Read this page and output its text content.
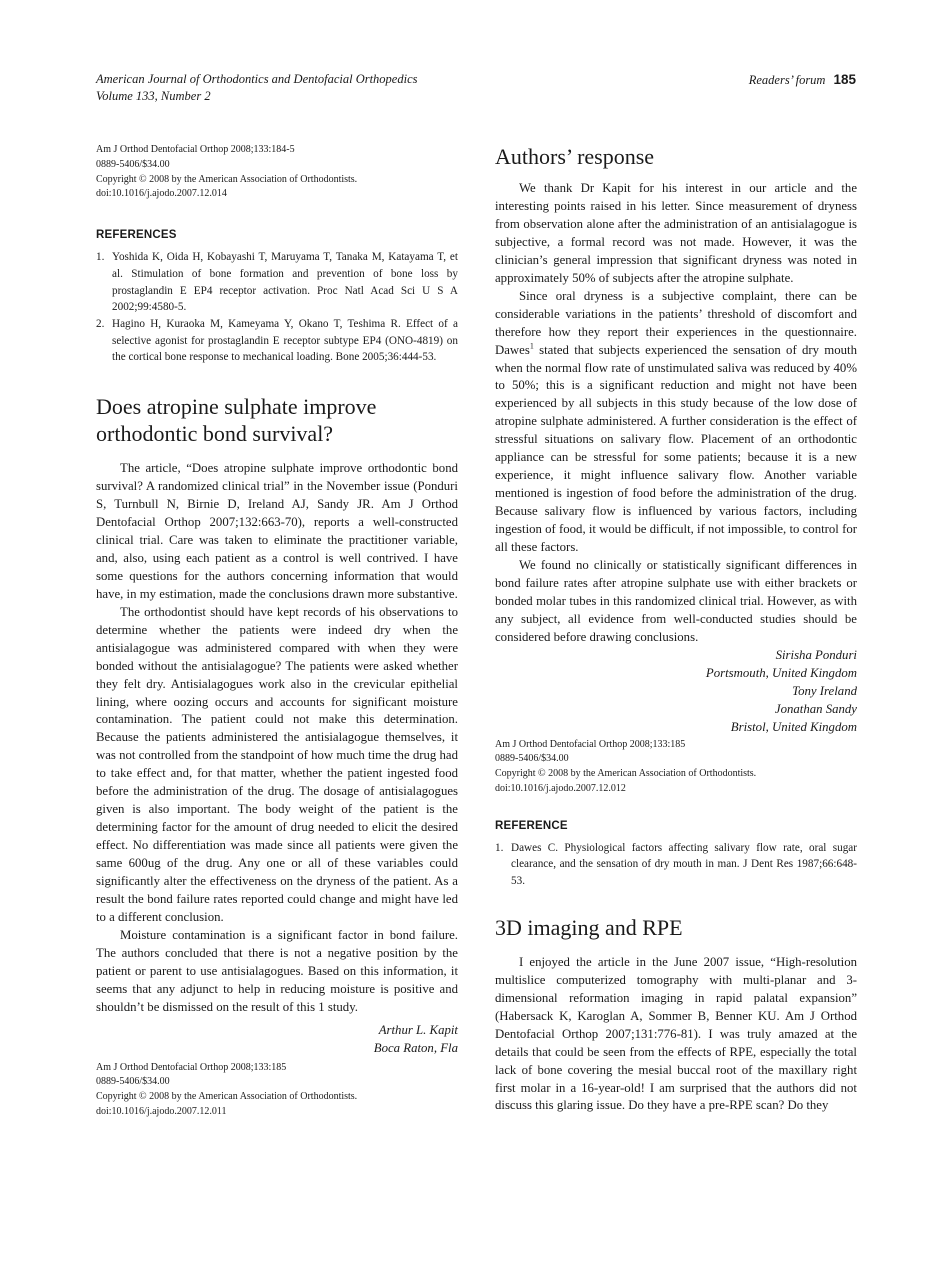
American Journal of Orthodontics and Dentofacial Orthopedics
Volume 133, Number 2
Readers’ forum 185
Am J Orthod Dentofacial Orthop 2008;133:184-5
0889-5406/$34.00
Copyright © 2008 by the American Association of Orthodontists.
doi:10.1016/j.ajodo.2007.12.014
REFERENCES
1. Yoshida K, Oida H, Kobayashi T, Maruyama T, Tanaka M, Katayama T, et al. Stimulation of bone formation and prevention of bone loss by prostaglandin E EP4 receptor activation. Proc Natl Acad Sci U S A 2002;99:4580-5.
2. Hagino H, Kuraoka M, Kameyama Y, Okano T, Teshima R. Effect of a selective agonist for prostaglandin E receptor subtype EP4 (ONO-4819) on the cortical bone response to mechanical loading. Bone 2005;36:444-53.
Does atropine sulphate improve orthodontic bond survival?

The article, “Does atropine sulphate improve orthodontic bond survival? A randomized clinical trial” in the November issue (Ponduri S, Turnbull N, Birnie D, Ireland AJ, Sandy JR. Am J Orthod Dentofacial Orthop 2007;132:663-70), reports a well-constructed clinical trial. Care was taken to eliminate the practitioner variable, and, also, using each patient as a control is well contrived. I have some questions for the authors concerning information that would have, in my estimation, made the conclusions drawn more substantive.

The orthodontist should have kept records of his observations to determine whether the patients were indeed dry when the antisialagogue was administered compared with when they were bonded without the antisialagogue? The patients were asked whether they felt dry. Antisialagogues work also in the crevicular epithelial lining, where oozing occurs and accounts for significant moisture contamination. The patient could not make this determination. Because the patients administered the antisialagogue themselves, it was not controlled from the standpoint of how much time the drug had to take effect and, for that matter, whether the patient ingested food before the administration of the drug. The dosage of antisialagogues given is also important. The body weight of the patient is the determining factor for the amount of drug needed to elicit the desired effect. No differentiation was made since all patients were given the same 600ug of the drug. Any one or all of these variables could significantly alter the effectiveness on the dryness of the patient. As a result the bond failure rates reported could change and might have led to a different conclusion.

Moisture contamination is a significant factor in bond failure. The authors concluded that there is not a negative position by the patient or parent to use antisialagogues. Based on this information, it seems that any adjunct to help in reducing moisture is positive and shouldn’t be dismissed on the result of this 1 study.

Arthur L. Kapit
Boca Raton, Fla
Am J Orthod Dentofacial Orthop 2008;133:185
0889-5406/$34.00
Copyright © 2008 by the American Association of Orthodontists.
doi:10.1016/j.ajodo.2007.12.011
Authors’ response

We thank Dr Kapit for his interest in our article and the interesting points raised in his letter. Since measurement of dryness from observation alone after the administration of an antisialagogue is subjective, a formal record was not made. However, it was the clinician’s general impression that significant dryness was noted in approximately 50% of subjects after the atropine sulphate.

Since oral dryness is a subjective complaint, there can be considerable variations in the patients’ threshold of discomfort and therefore how they report their experiences in the questionnaire. Dawes$^1$ stated that subjects experienced the sensation of dry mouth when the normal flow rate of unstimulated saliva was reduced by 40% to 50%; this is a significant reduction and might not have been experienced by all subjects in this study because of the low dose of atropine sulphate administered. A further consideration is the effect of stressful situations on salivary flow. Placement of an orthodontic appliance can be stressful for some patients; because it is a new experience, it might influence salivary flow. Another variable mentioned is ingestion of food before the administration of the drug. Because salivary flow is influenced by various factors, including ingestion of food, it would be difficult, if not impossible, to control for all these factors.

We found no clinically or statistically significant differences in bond failure rates after atropine sulphate use with either brackets or bonded molar tubes in this randomized clinical trial. However, as with any subject, all evidence from well-conducted studies should be considered before drawing conclusions.

Sirisha Ponduri
Portsmouth, United Kingdom
Tony Ireland
Jonathan Sandy
Bristol, United Kingdom
Am J Orthod Dentofacial Orthop 2008;133:185
0889-5406/$34.00
Copyright © 2008 by the American Association of Orthodontists.
doi:10.1016/j.ajodo.2007.12.012
REFERENCE
1. Dawes C. Physiological factors affecting salivary flow rate, oral sugar clearance, and the sensation of dry mouth in man. J Dent Res 1987;66:648-53.
3D imaging and RPE

I enjoyed the article in the June 2007 issue, “High-resolution multislice computerized tomography with multi-planar and 3-dimensional reformation imaging in rapid palatal expansion” (Habersack K, Karoglan A, Sommer B, Benner KU. Am J Orthod Dentofacial Orthop 2007;131:776-81). I was truly amazed at the details that could be seen from the effects of RPE, especially the total lack of bone covering the mesial buccal root of the maxillary right first molar in a 16-year-old! I am surprised that the authors did not discuss this glaring issue. Do they have a pre-RPE scan? Do they
